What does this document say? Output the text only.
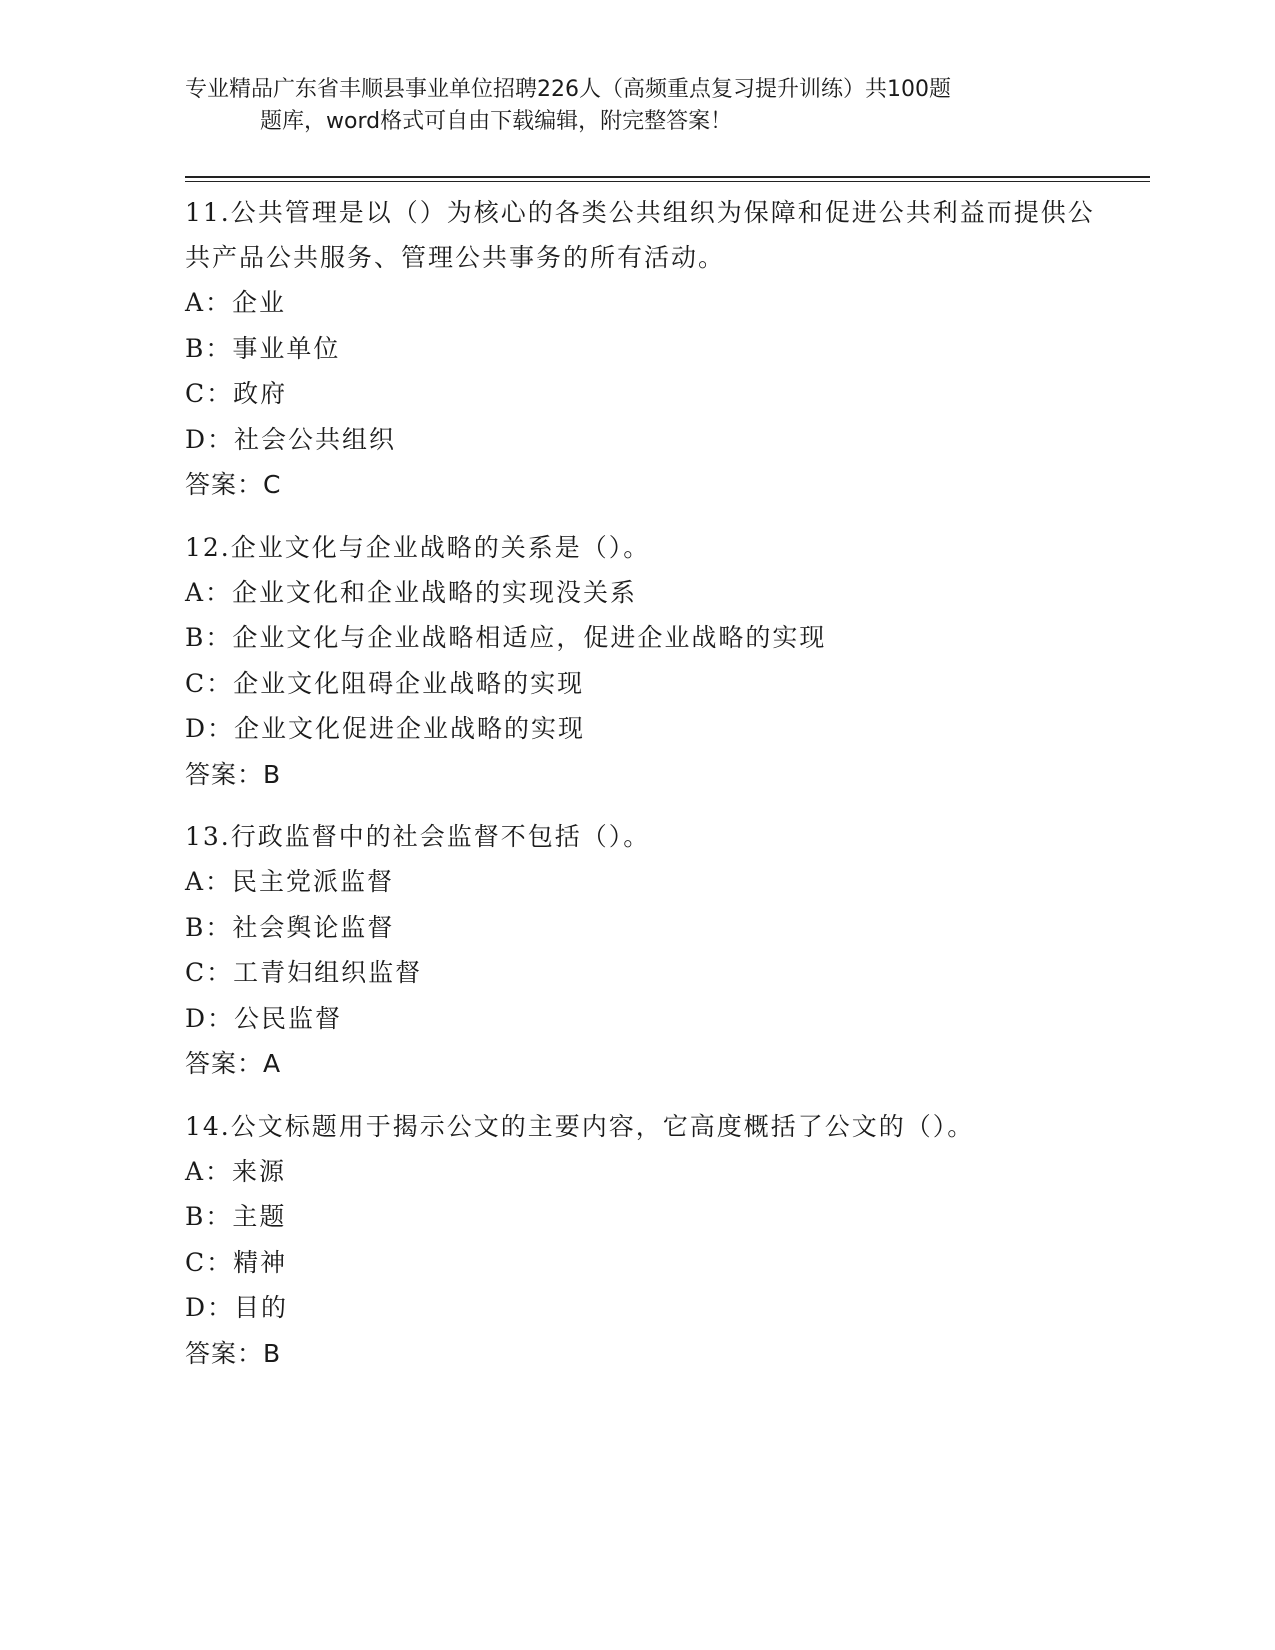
专业精品广东省丰顺县事业单位招聘226人（高频重点复习提升训练）共100题
题库，word格式可自由下载编辑，附完整答案！
11.公共管理是以（）为核心的各类公共组织为保障和促进公共利益而提供公共产品公共服务、管理公共事务的所有活动。
A：企业
B：事业单位
C：政府
D：社会公共组织
答案：C
12.企业文化与企业战略的关系是（）。
A：企业文化和企业战略的实现没关系
B：企业文化与企业战略相适应，促进企业战略的实现
C：企业文化阻碍企业战略的实现
D：企业文化促进企业战略的实现
答案：B
13.行政监督中的社会监督不包括（）。
A：民主党派监督
B：社会舆论监督
C：工青妇组织监督
D：公民监督
答案：A
14.公文标题用于揭示公文的主要内容，它高度概括了公文的（）。
A：来源
B：主题
C：精神
D：目的
答案：B
